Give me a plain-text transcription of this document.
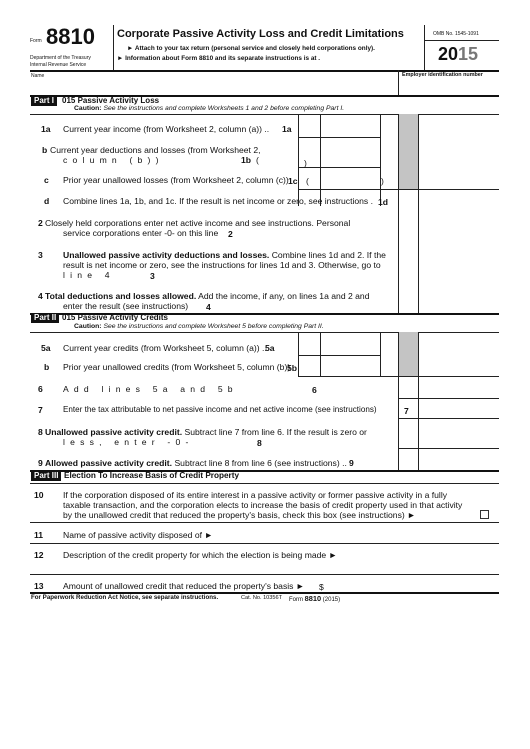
Form 8810
Department of the Treasury
Internal Revenue Service
Corporate Passive Activity Loss and Credit Limitations
► Attach to your tax return (personal service and closely held corporations only).
► Information about Form 8810 and its separate instructions is at .
OMB No. 1545-1091
2015
Name	Employer identification number
Part I 015 Passive Activity Loss
Caution: See the instructions and complete Worksheets 1 and 2 before completing Part I.
1a Current year income (from Worksheet 2, column (a)) .. 1a
b Current year deductions and losses (from Worksheet 2,
column (b))	1b (	)
c Prior year unallowed losses (from Worksheet 2, column (c)) 1c (	)
d Combine lines 1a, 1b, and 1c. If the result is net income or zero, see instructions . 1d
2 Closely held corporations enter net active income and see instructions. Personal
service corporations enter -0- on this line 2
3 Unallowed passive activity deductions and losses. Combine lines 1d and 2. If the
result is net income or zero, see the instructions for lines 1d and 3. Otherwise, go to
line 4	3
4 Total deductions and losses allowed. Add the income, if any, on lines 1a and 2 and
enter the result (see instructions) 4
Part II 015 Passive Activity Credits
Caution: See the instructions and complete Worksheet 5 before completing Part II.
5a Current year credits (from Worksheet 5, column (a)) ..
5a
b Prior year unallowed credits (from Worksheet 5, column (b))
5b
6 Add lines 5a and 5b	6
7 Enter the tax attributable to net passive income and net active income (see instructions)	7
8 Unallowed passive activity credit. Subtract line 7 from line 6. If the result is zero or
less, enter -0-	8
9 Allowed passive activity credit. Subtract line 8 from line 6 (see instructions) .. 9
Part III Election To Increase Basis of Credit Property
10 If the corporation disposed of its entire interest in a passive activity or former passive activity in a fully
taxable transaction, and the corporation elects to increase the basis of credit property used in that activity
by the unallowed credit that reduced the property's basis, check this box (see instructions) ►
11 Name of passive activity disposed of ►
12 Description of the credit property for which the election is being made ►
13 Amount of unallowed credit that reduced the property's basis ► $
For Paperwork Reduction Act Notice, see separate instructions.	Cat. No. 10356T Form 8810 (2015)
